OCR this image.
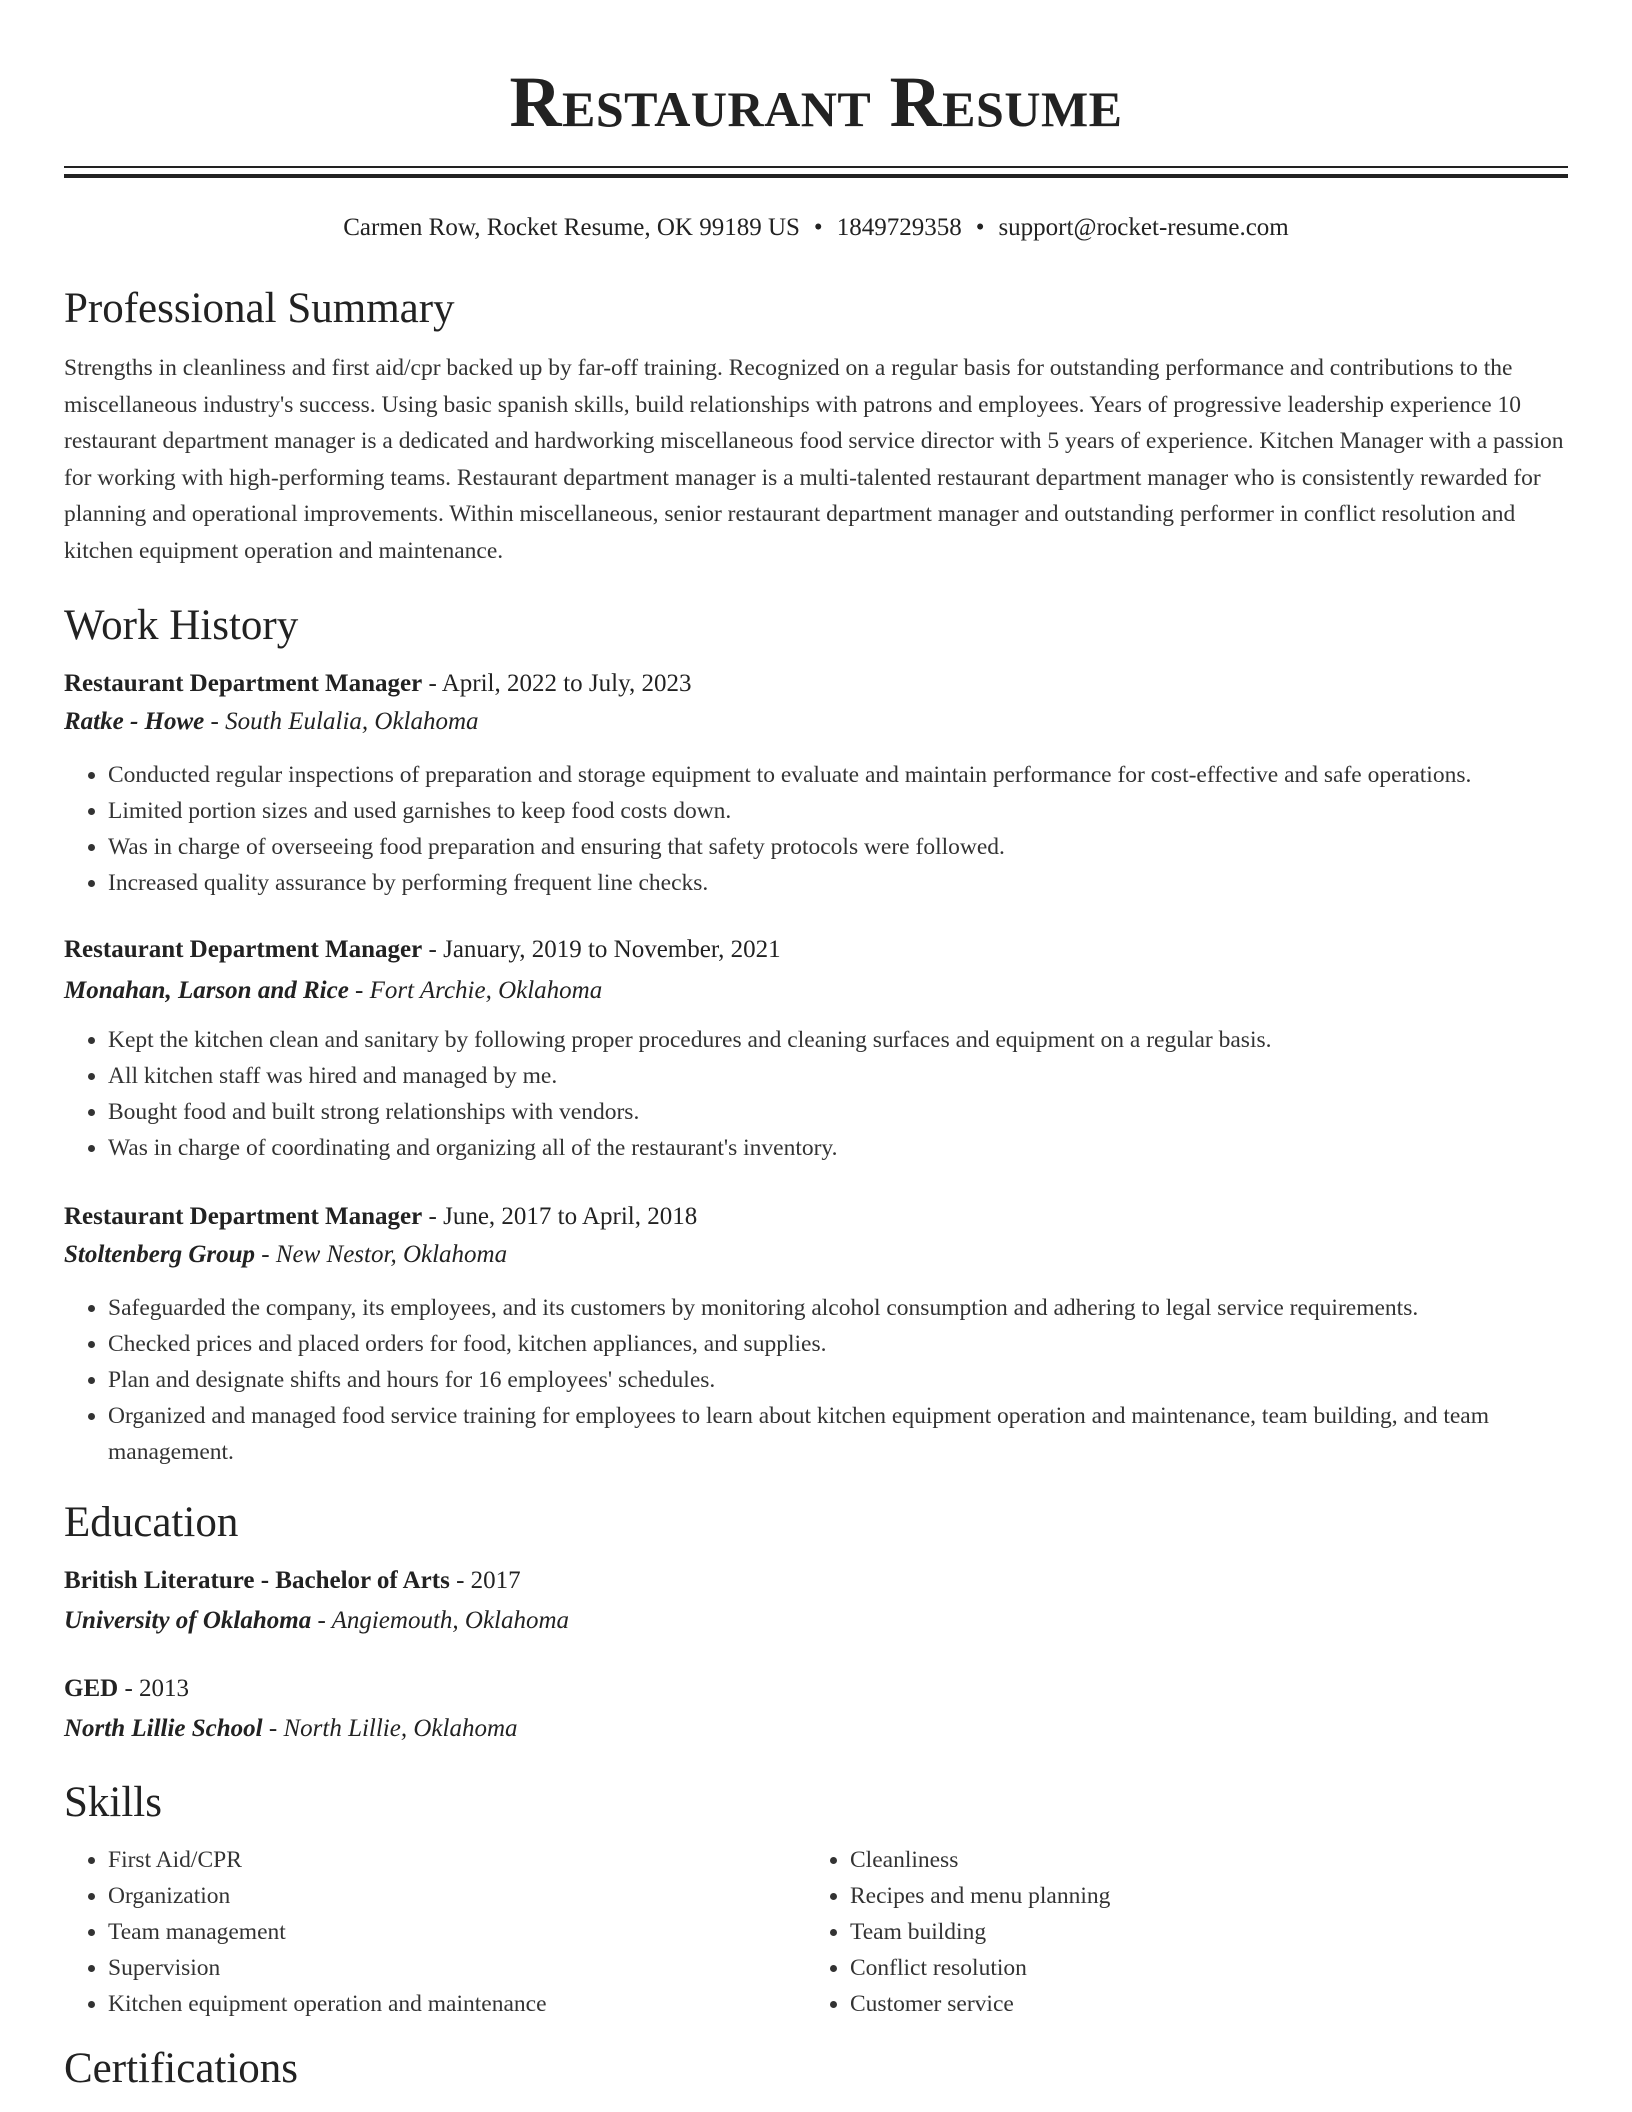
Restaurant Resume
Carmen Row, Rocket Resume, OK 99189 US • 1849729358 • support@rocket-resume.com
Professional Summary
Strengths in cleanliness and first aid/cpr backed up by far-off training. Recognized on a regular basis for outstanding performance and contributions to the miscellaneous industry's success. Using basic spanish skills, build relationships with patrons and employees. Years of progressive leadership experience 10 restaurant department manager is a dedicated and hardworking miscellaneous food service director with 5 years of experience. Kitchen Manager with a passion for working with high-performing teams. Restaurant department manager is a multi-talented restaurant department manager who is consistently rewarded for planning and operational improvements. Within miscellaneous, senior restaurant department manager and outstanding performer in conflict resolution and kitchen equipment operation and maintenance.
Work History
Restaurant Department Manager - April, 2022 to July, 2023
Ratke - Howe - South Eulalia, Oklahoma
• Conducted regular inspections of preparation and storage equipment to evaluate and maintain performance for cost-effective and safe operations.
• Limited portion sizes and used garnishes to keep food costs down.
• Was in charge of overseeing food preparation and ensuring that safety protocols were followed.
• Increased quality assurance by performing frequent line checks.
Restaurant Department Manager - January, 2019 to November, 2021
Monahan, Larson and Rice - Fort Archie, Oklahoma
• Kept the kitchen clean and sanitary by following proper procedures and cleaning surfaces and equipment on a regular basis.
• All kitchen staff was hired and managed by me.
• Bought food and built strong relationships with vendors.
• Was in charge of coordinating and organizing all of the restaurant's inventory.
Restaurant Department Manager - June, 2017 to April, 2018
Stoltenberg Group - New Nestor, Oklahoma
• Safeguarded the company, its employees, and its customers by monitoring alcohol consumption and adhering to legal service requirements.
• Checked prices and placed orders for food, kitchen appliances, and supplies.
• Plan and designate shifts and hours for 16 employees' schedules.
• Organized and managed food service training for employees to learn about kitchen equipment operation and maintenance, team building, and team management.
Education
British Literature - Bachelor of Arts - 2017
University of Oklahoma - Angiemouth, Oklahoma
GED - 2013
North Lillie School - North Lillie, Oklahoma
Skills
• First Aid/CPR
• Organization
• Team management
• Supervision
• Kitchen equipment operation and maintenance
• Cleanliness
• Recipes and menu planning
• Team building
• Conflict resolution
• Customer service
Certifications
